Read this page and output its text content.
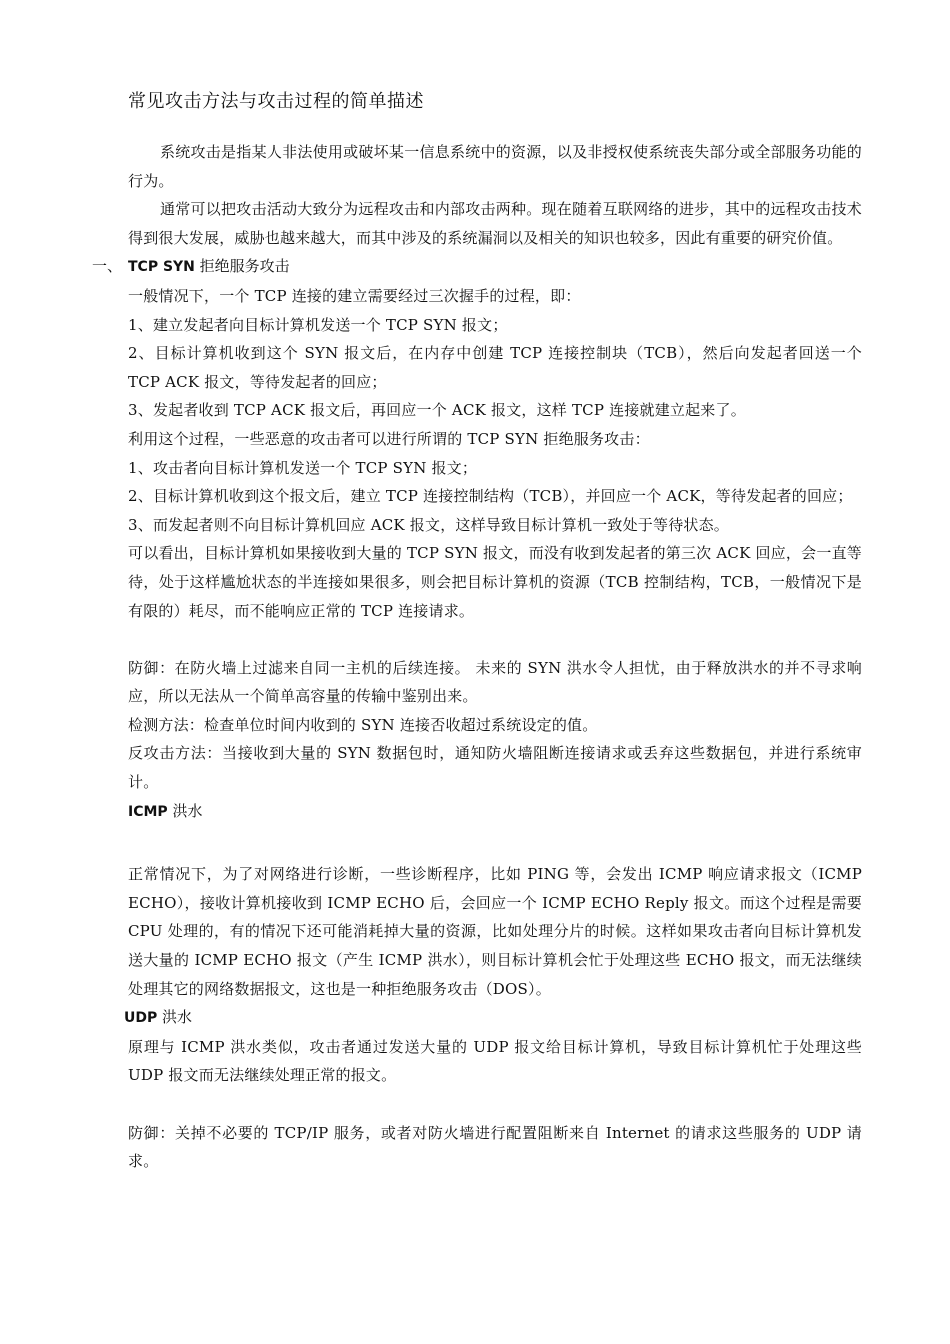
常见攻击方法与攻击过程的简单描述

系统攻击是指某人非法使用或破坏某一信息系统中的资源，以及非授权使系统丧失部分或全部服务功能的行为。

通常可以把攻击活动大致分为远程攻击和内部攻击两种。现在随着互联网络的进步，其中的远程攻击技术得到很大发展，威胁也越来越大，而其中涉及的系统漏洞以及相关的知识也较多，因此有重要的研究价值。

一、 TCP SYN 拒绝服务攻击

一般情况下，一个 TCP 连接的建立需要经过三次握手的过程，即：

1、建立发起者向目标计算机发送一个 TCP SYN 报文；

2、目标计算机收到这个 SYN 报文后，在内存中创建 TCP 连接控制块（TCB），然后向发起者回送一个 TCP ACK 报文，等待发起者的回应；

3、发起者收到 TCP ACK 报文后，再回应一个 ACK 报文，这样 TCP 连接就建立起来了。

利用这个过程，一些恶意的攻击者可以进行所谓的 TCP SYN 拒绝服务攻击：

1、攻击者向目标计算机发送一个 TCP SYN 报文；

2、目标计算机收到这个报文后，建立 TCP 连接控制结构（TCB），并回应一个 ACK，等待发起者的回应；

3、而发起者则不向目标计算机回应 ACK 报文，这样导致目标计算机一致处于等待状态。

可以看出，目标计算机如果接收到大量的 TCP SYN 报文，而没有收到发起者的第三次 ACK 回应，会一直等待，处于这样尴尬状态的半连接如果很多，则会把目标计算机的资源（TCB 控制结构，TCB，一般情况下是有限的）耗尽，而不能响应正常的 TCP 连接请求。

防御：在防火墙上过滤来自同一主机的后续连接。 未来的 SYN 洪水令人担忧，由于释放洪水的并不寻求响应，所以无法从一个简单高容量的传输中鉴别出来。

检测方法：检查单位时间内收到的 SYN 连接否收超过系统设定的值。

反攻击方法：当接收到大量的 SYN 数据包时，通知防火墙阻断连接请求或丢弃这些数据包，并进行系统审计。

ICMP 洪水

正常情况下，为了对网络进行诊断，一些诊断程序，比如 PING 等，会发出 ICMP 响应请求报文（ICMP ECHO），接收计算机接收到 ICMP ECHO 后，会回应一个 ICMP ECHO Reply 报文。而这个过程是需要 CPU 处理的，有的情况下还可能消耗掉大量的资源，比如处理分片的时候。这样如果攻击者向目标计算机发送大量的 ICMP ECHO 报文（产生 ICMP 洪水），则目标计算机会忙于处理这些 ECHO 报文，而无法继续处理其它的网络数据报文，这也是一种拒绝服务攻击（DOS）。

UDP 洪水

原理与 ICMP 洪水类似，攻击者通过发送大量的 UDP 报文给目标计算机，导致目标计算机忙于处理这些 UDP 报文而无法继续处理正常的报文。

防御：关掉不必要的 TCP/IP 服务，或者对防火墙进行配置阻断来自 Internet 的请求这些服务的 UDP 请求。
